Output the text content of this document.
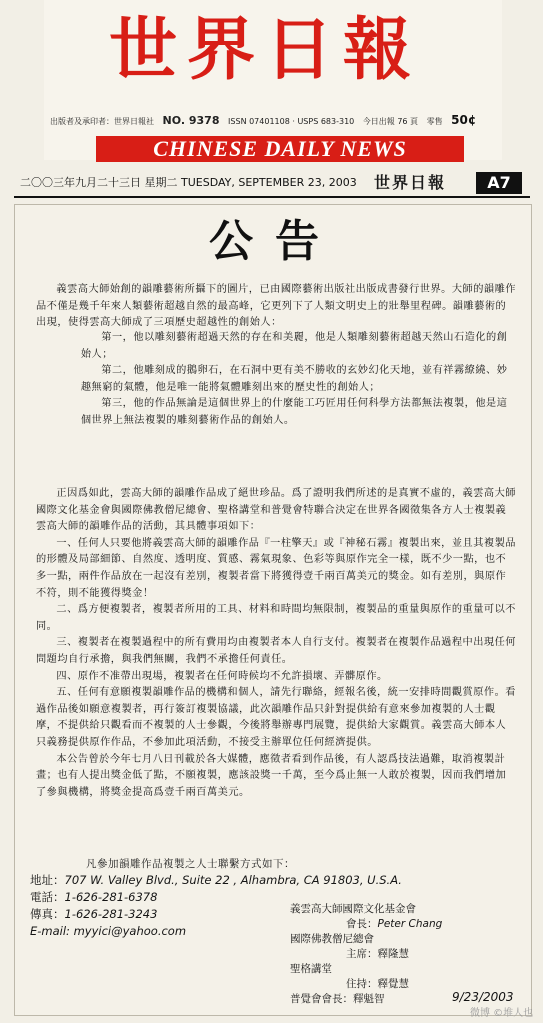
世界日報
出版者及承印者：世界日報社 NO. 9378 ISSN 07401108 · USPS 683-310 今日出報 76 頁 零售 50¢
CHINESE DAILY NEWS
二〇〇三年九月二十三日 星期二 TUESDAY, SEPTEMBER 23, 2003 世界日報	A7
公告

義雲高大師始創的韻雕藝術所攝下的圖片，已由國際藝術出版社出版成書發行世界。大師的韻雕作品不僅是幾千年來人類藝術超越自然的最高峰，它更列下了人類文明史上的壯舉里程碑。韻雕藝術的出現，使得雲高大師成了三項歷史超越性的創始人：

第一，他以雕刻藝術超過天然的存在和美麗，他是人類雕刻藝術超越天然山石造化的創始人；

第二，他雕刻成的鵝卵石，在石洞中更有美不勝收的玄妙幻化天地，並有祥霧繚繞、妙趣無窮的氣體，他是唯一能將氣體雕刻出來的歷史性的創始人；

第三，他的作品無論是這個世界上的什麼能工巧匠用任何科學方法都無法複製，他是這個世界上無法複製的雕刻藝術作品的創始人。

正因爲如此，雲高大師的韻雕作品成了絕世珍品。爲了證明我們所述的是真實不虛的，義雲高大師國際文化基金會與國際佛教僧尼總會、聖格講堂和普覺會特聯合決定在世界各國徵集各方人士複製義雲高大師的韻雕作品的活動，其具體事項如下：

一、任何人只要他將義雲高大師的韻雕作品『一柱擎天』或『神秘石霧』複製出來，並且其複製品的形體及局部細節、自然度、透明度、質感、霧氣現象、色彩等與原作完全一樣，既不少一點，也不多一點，兩件作品放在一起沒有差別，複製者當下將獲得壹千兩百萬美元的獎金。如有差別，與原作不符，則不能獲得獎金！

二、爲方便複製者，複製者所用的工具、材料和時間均無限制，複製品的重量與原作的重量可以不同。

三、複製者在複製過程中的所有費用均由複製者本人自行支付。複製者在複製作品過程中出現任何問題均自行承擔，與我們無關，我們不承擔任何責任。

四、原作不准帶出現場，複製者在任何時候均不允許損壞、弄髒原作。

五、任何有意願複製韻雕作品的機構和個人，請先行聯絡，經報名後，統一安排時間觀賞原作。看過作品後如願意複製者，再行簽訂複製協議，此次韻雕作品只針對提供給有意來參加複製的人士觀摩，不提供給只觀看而不複製的人士參觀，今後將舉辦專門展覽，提供給大家觀賞。義雲高大師本人只義務提供原作作品，不參加此項活動，不接受主辦單位任何經濟提供。

本公告曾於今年七月八日刊載於各大媒體，應徵者看到作品後，有人認爲技法過難，取消複製計畫；也有人提出獎金低了點，不願複製，應該設獎一千萬，至今爲止無一人敢於複製，因而我們增加了參與機構，將獎金提高爲壹千兩百萬美元。

凡參加韻雕作品複製之人士聯繫方式如下：
地址：707 W. Valley Blvd., Suite 22 , Alhambra, CA 91803, U.S.A.
電話：1-626-281-6378
傳真：1-626-281-3243
E-mail: myyici@yahoo.com
義雲高大師國際文化基金會
會長：Peter Chang
國際佛教僧尼總會
主席：釋隆慧
聖格講堂
住持：釋覺慧
普覺會會長：釋魁智	9/23/2003
微博 ©堆人也
